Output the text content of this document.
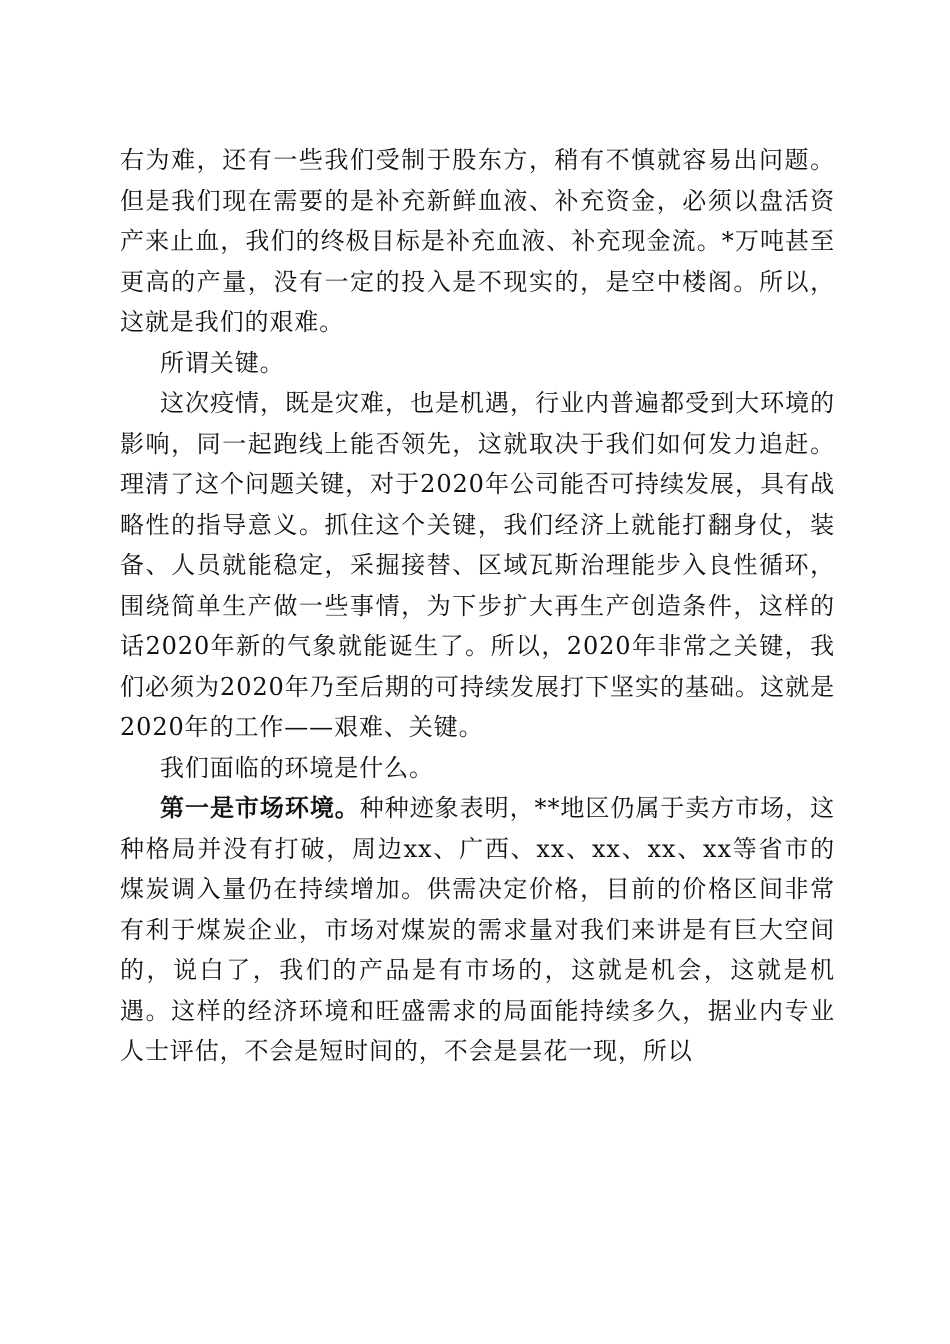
右为难，还有一些我们受制于股东方，稍有不慎就容易出问题。但是我们现在需要的是补充新鲜血液、补充资金，必须以盘活资产来止血，我们的终极目标是补充血液、补充现金流。*万吨甚至更高的产量，没有一定的投入是不现实的，是空中楼阁。所以，这就是我们的艰难。

所谓关键。

这次疫情，既是灾难，也是机遇，行业内普遍都受到大环境的影响，同一起跑线上能否领先，这就取决于我们如何发力追赶。理清了这个问题关键，对于2020年公司能否可持续发展，具有战略性的指导意义。抓住这个关键，我们经济上就能打翻身仗，装备、人员就能稳定，采掘接替、区域瓦斯治理能步入良性循环，围绕简单生产做一些事情，为下步扩大再生产创造条件，这样的话2020年新的气象就能诞生了。所以，2020年非常之关键，我们必须为2020年乃至后期的可持续发展打下坚实的基础。这就是2020年的工作——艰难、关键。

我们面临的环境是什么。

第一是市场环境。种种迹象表明，**地区仍属于卖方市场，这种格局并没有打破，周边xx、广西、xx、xx、xx、xx等省市的煤炭调入量仍在持续增加。供需决定价格，目前的价格区间非常有利于煤炭企业，市场对煤炭的需求量对我们来讲是有巨大空间的，说白了，我们的产品是有市场的，这就是机会，这就是机遇。这样的经济环境和旺盛需求的局面能持续多久，据业内专业人士评估，不会是短时间的，不会是昙花一现，所以
